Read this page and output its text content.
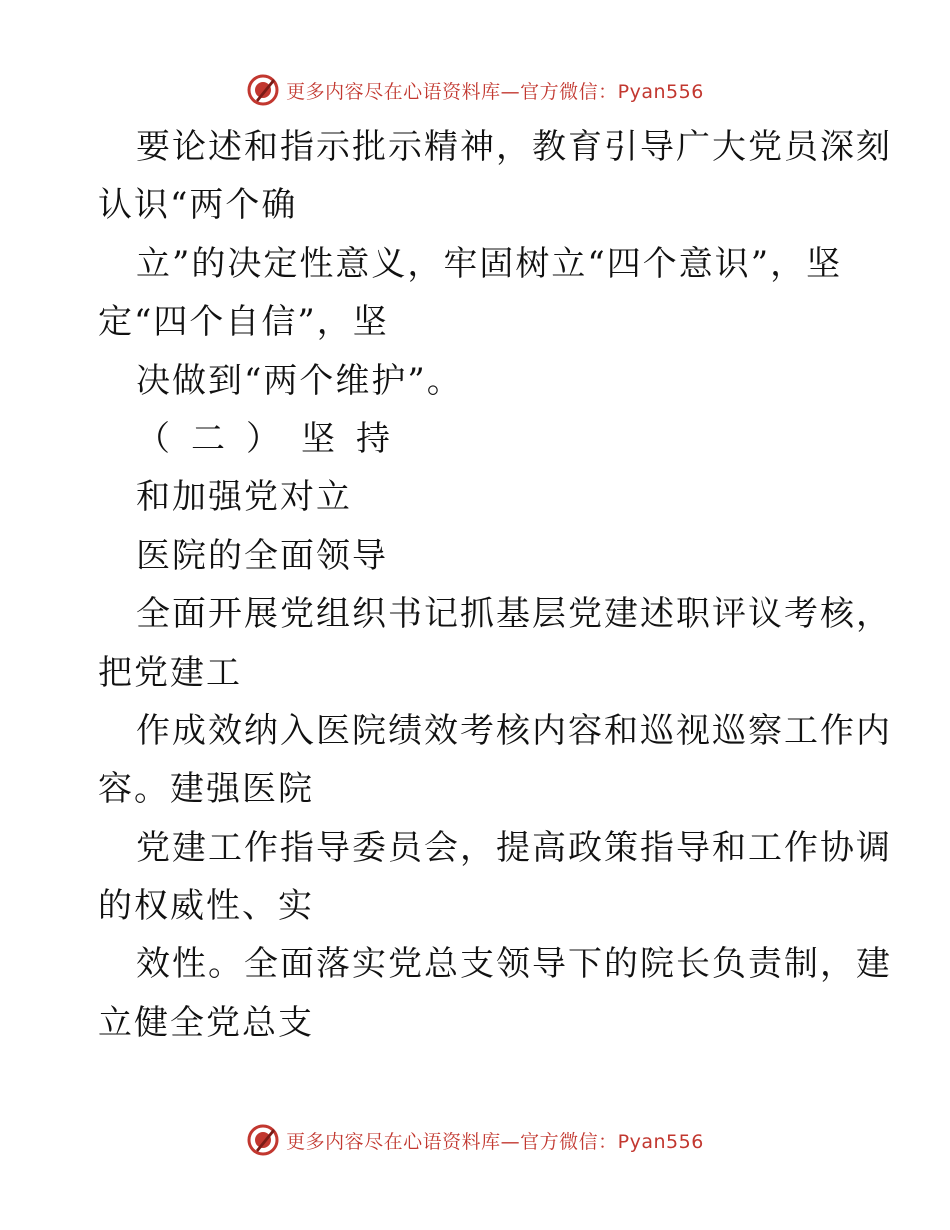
更多内容尽在心语资料库—官方微信：Pyan556
要论述和指示批示精神，教育引导广大党员深刻
认识“两个确
立”的决定性意义，牢固树立“四个意识”，坚
定“四个自信”，坚
决做到“两个维护”。
（二）坚持
和加强党对立
医院的全面领导
全面开展党组织书记抓基层党建述职评议考核，
把党建工
作成效纳入医院绩效考核内容和巡视巡察工作内
容。建强医院
党建工作指导委员会，提高政策指导和工作协调
的权威性、实
效性。全面落实党总支领导下的院长负责制，建
立健全党总支
更多内容尽在心语资料库—官方微信：Pyan556
